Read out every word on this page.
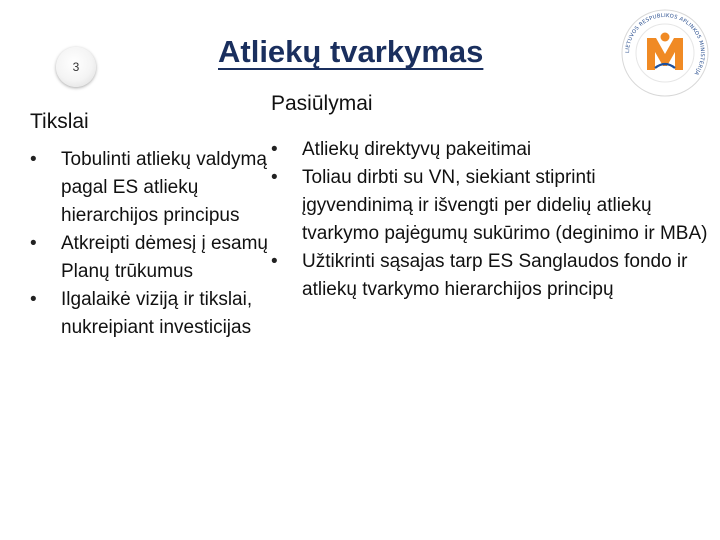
3	Atliekų tvarkymas	LIETUVOS RESPUBLIKOS APLINKOS MINISTERIJA
Tikslai
• Tobulinti atliekų valdymą pagal ES atliekų hierarchijos principus
• Atkreipti dėmesį į esamų Planų trūkumus
• Ilgalaikė viziją ir tikslai, nukreipiant investicijas
Pasiūlymai
• Atliekų direktyvų pakeitimai
• Toliau dirbti su VN, siekiant stiprinti įgyvendinimą ir išvengti per didelių atliekų tvarkymo pajėgumų sukūrimo (deginimo ir MBA)
• Užtikrinti sąsajas tarp ES Sanglaudos fondo ir atliekų tvarkymo hierarchijos principų
